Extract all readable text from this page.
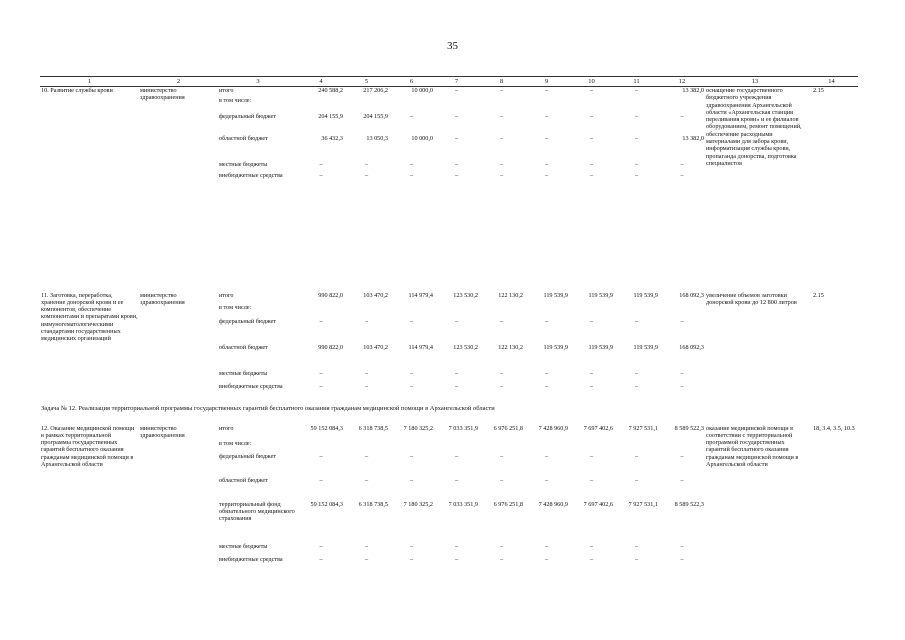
35
1	2	3	4	5	6	7	8	9	10	11	12	13	14
10. Развитие службы крови	министерство здравоохранения	итого	240 588,2	217 206,2	10 000,0	–	–	–	–	–	13 382,0	оснащение государственного бюджетного учреждения здравоохранения Архангельской области «Архангельская станция переливания крови» и ее филиалов оборудованием, ремонт помещений, обеспечение расходными материалами для забора крови, информатизация службы крови, пропаганда донорства, подготовка специалистов	2.15
		в том числе:											
		федеральный бюджет	204 155,9	204 155,9	–	–	–	–	–	–	–		
		областной бюджет	36 432,3	13 050,3	10 000,0	–	–	–	–	–	13 382,0		
		местные бюджеты	–	–	–	–	–	–	–	–	–		
		внебюджетные средства	–	–	–	–	–	–	–	–	–		
11. Заготовка, переработка, хранение донорской крови и ее компонентов, обеспечение компонентами и препаратами крови, иммуногематологическими стандартами государственных медицинских организаций	министерство здравоохранения	итого	990 822,0	103 470,2	114 979,4	123 530,2	122 130,2	119 539,9	119 539,9	119 539,9	168 092,3	увеличение объемов заготовки донорской крови до 12 800 литров	2.15
		в том числе:											
		федеральный бюджет	–	–	–	–	–	–	–	–	–		
		областной бюджет	990 822,0	103 470,2	114 979,4	123 530,2	122 130,2	119 539,9	119 539,9	119 539,9	168 092,3		
		местные бюджеты	–	–	–	–	–	–	–	–	–		
		внебюджетные средства	–	–	–	–	–	–	–	–	–		
Задача № 12. Реализация территориальной программы государственных гарантий бесплатного оказания гражданам медицинской помощи в Архангельской области													
12. Оказание медицинской помощи в рамках территориальной программы государственных гарантий бесплатного оказания гражданам медицинской помощи в Архангельской области	министерство здравоохранения	итого	59 152 084,3	6 318 738,5	7 180 325,2	7 033 351,9	6 976 251,8	7 428 960,9	7 697 402,6	7 927 531,1	8 589 522,3	оказание медицинской помощи в соответствии с территориальной программой государственных гарантий бесплатного оказания гражданам медицинской помощи в Архангельской области	18, 3.4, 3.5, 10.3
		в том числе:											
		федеральный бюджет	–	–	–	–	–	–	–	–	–		
		областной бюджет	–	–	–	–	–	–	–	–	–		
		территориальный фонд обязательного медицинского страхования	59 152 084,3	6 318 738,5	7 180 325,2	7 033 351,9	6 976 251,8	7 428 960,9	7 697 402,6	7 927 531,1	8 589 522,3		
		местные бюджеты	–	–	–	–	–	–	–	–	–		
		внебюджетные средства	–	–	–	–	–	–	–	–	–		
